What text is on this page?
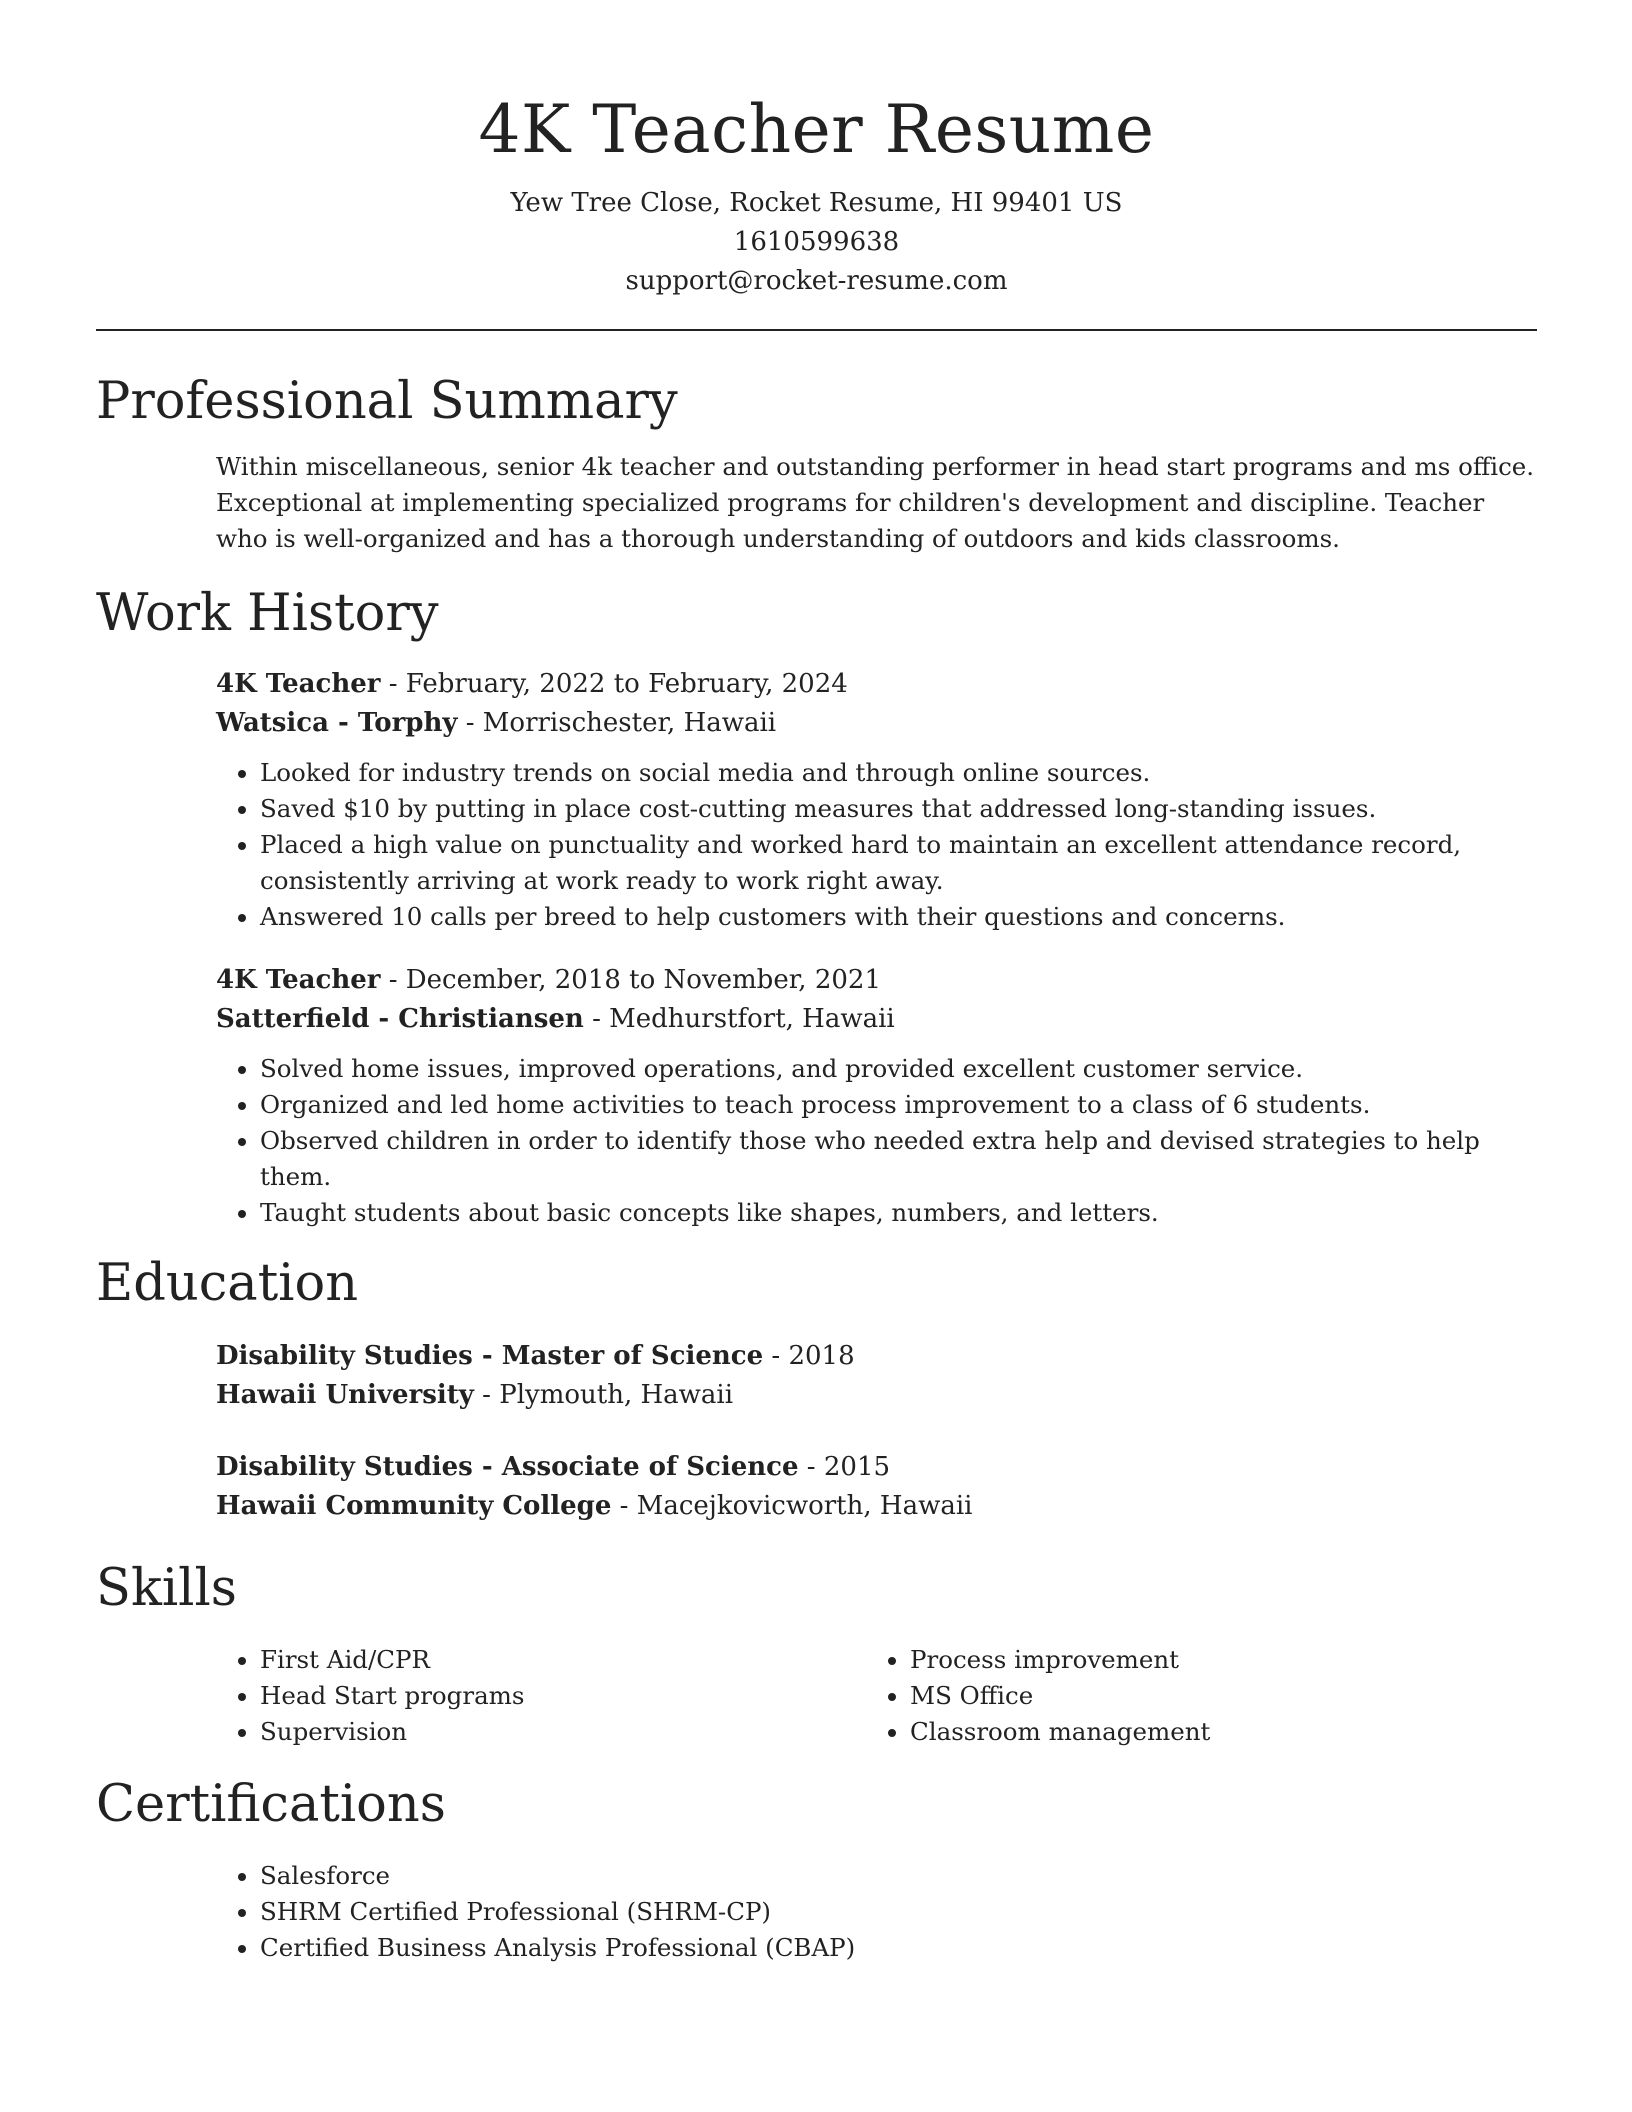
4K Teacher Resume
Yew Tree Close, Rocket Resume, HI 99401 US
1610599638
support@rocket-resume.com
Professional Summary

Within miscellaneous, senior 4k teacher and outstanding performer in head start programs and ms office. Exceptional at implementing specialized programs for children's development and discipline. Teacher who is well-organized and has a thorough understanding of outdoors and kids classrooms.

Work History
4K Teacher - February, 2022 to February, 2024
Watsica - Torphy - Morrischester, Hawaii
• Looked for industry trends on social media and through online sources.
• Saved $10 by putting in place cost-cutting measures that addressed long-standing issues.
• Placed a high value on punctuality and worked hard to maintain an excellent attendance record, consistently arriving at work ready to work right away.
• Answered 10 calls per breed to help customers with their questions and concerns.
4K Teacher - December, 2018 to November, 2021
Satterfield - Christiansen - Medhurstfort, Hawaii
• Solved home issues, improved operations, and provided excellent customer service.
• Organized and led home activities to teach process improvement to a class of 6 students.
• Observed children in order to identify those who needed extra help and devised strategies to help them.
• Taught students about basic concepts like shapes, numbers, and letters.
Education
Disability Studies - Master of Science - 2018
Hawaii University - Plymouth, Hawaii
Disability Studies - Associate of Science - 2015
Hawaii Community College - Macejkovicworth, Hawaii
Skills
• First Aid/CPR
• Head Start programs
• Supervision
• Process improvement
• MS Office
• Classroom management
Certifications
• Salesforce
• SHRM Certified Professional (SHRM-CP)
• Certified Business Analysis Professional (CBAP)
